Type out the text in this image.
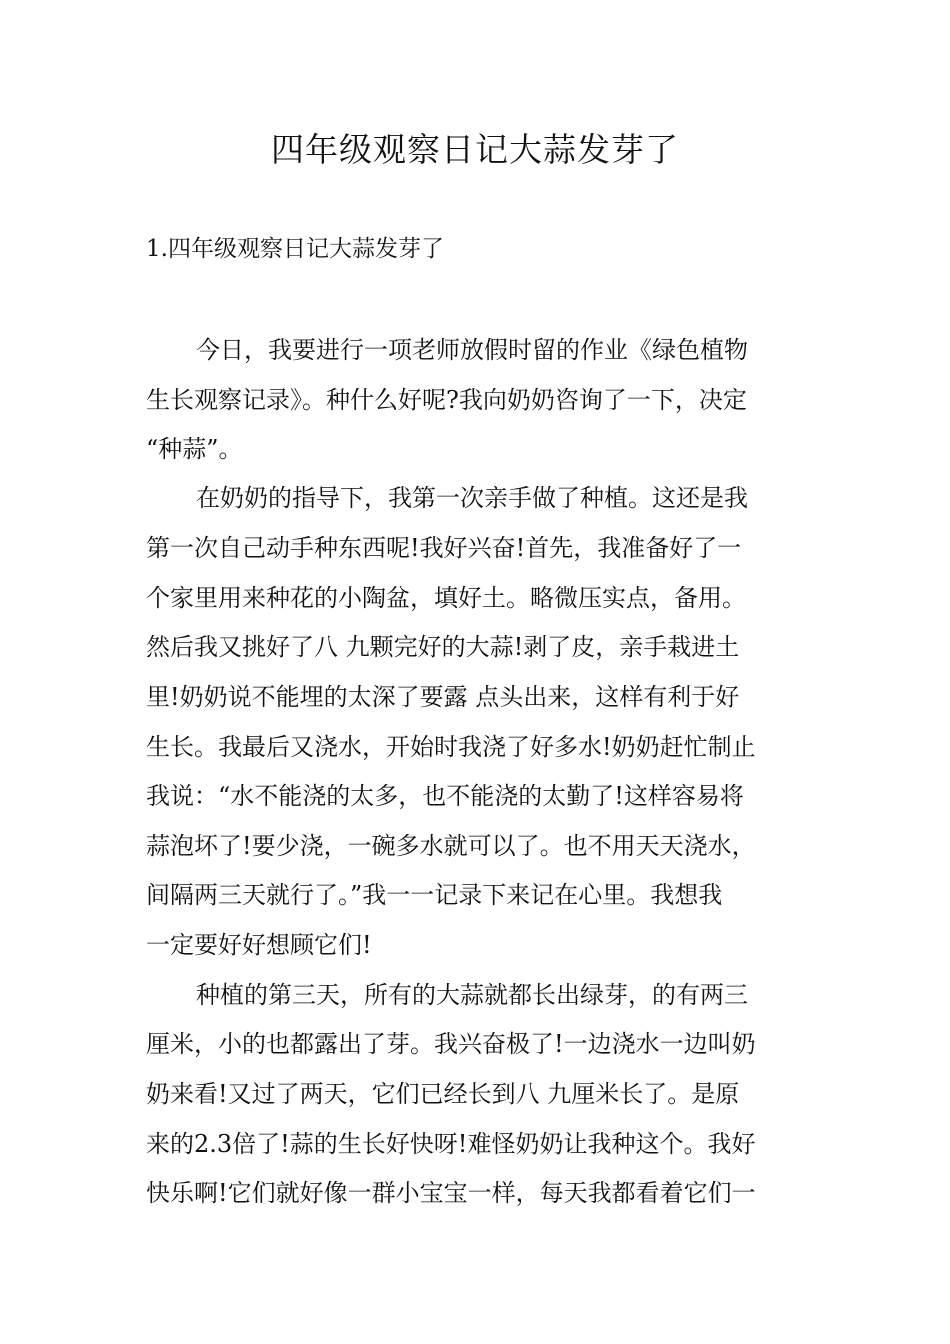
四年级观察日记大蒜发芽了
1.四年级观察日记大蒜发芽了

今日，我要进行一项老师放假时留的作业《绿色植物

生长观察记录》。种什么好呢?我向奶奶咨询了一下，决定

“种蒜”。

在奶奶的指导下，我第一次亲手做了种植。这还是我

第一次自己动手种东西呢!我好兴奋!首先，我准备好了一

个家里用来种花的小陶盆，填好土。略微压实点，备用。

然后我又挑好了八 九颗完好的大蒜!剥了皮，亲手栽进土

里!奶奶说不能埋的太深了要露 点头出来，这样有利于好

生长。我最后又浇水，开始时我浇了好多水!奶奶赶忙制止

我说：“水不能浇的太多，也不能浇的太勤了!这样容易将

蒜泡坏了!要少浇，一碗多水就可以了。也不用天天浇水，

间隔两三天就行了。”我一一记录下来记在心里。我想我

一定要好好想顾它们!

种植的第三天，所有的大蒜就都长出绿芽，的有两三

厘米，小的也都露出了芽。我兴奋极了!一边浇水一边叫奶

奶来看!又过了两天，它们已经长到八 九厘米长了。是原

来的2.3倍了!蒜的生长好快呀!难怪奶奶让我种这个。我好

快乐啊!它们就好像一群小宝宝一样，每天我都看着它们一
